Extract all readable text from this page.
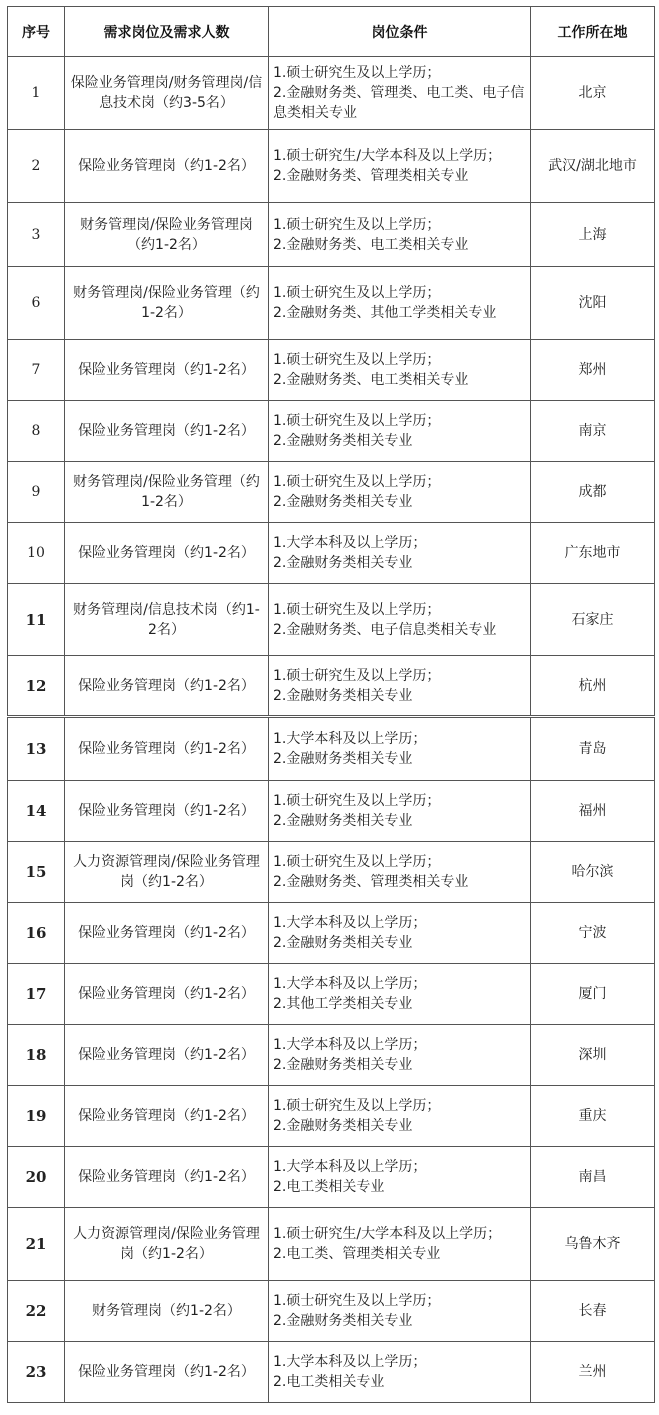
序号	需求岗位及需求人数	岗位条件	工作所在地
1	保险业务管理岗/财务管理岗/信息技术岗（约3-5名）	1.硕士研究生及以上学历；
2.金融财务类、管理类、电工类、电子信息类相关专业	北京
2	保险业务管理岗（约1-2名）	1.硕士研究生/大学本科及以上学历；
2.金融财务类、管理类相关专业	武汉/湖北地市
3	财务管理岗/保险业务管理岗（约1-2名）	1.硕士研究生及以上学历；
2.金融财务类、电工类相关专业	上海
6	财务管理岗/保险业务管理（约1-2名）	1.硕士研究生及以上学历；
2.金融财务类、其他工学类相关专业	沈阳
7	保险业务管理岗（约1-2名）	1.硕士研究生及以上学历；
2.金融财务类、电工类相关专业	郑州
8	保险业务管理岗（约1-2名）	1.硕士研究生及以上学历；
2.金融财务类相关专业	南京
9	财务管理岗/保险业务管理（约1-2名）	1.硕士研究生及以上学历；
2.金融财务类相关专业	成都
10	保险业务管理岗（约1-2名）	1.大学本科及以上学历；
2.金融财务类相关专业	广东地市
11	财务管理岗/信息技术岗（约1-2名）	1.硕士研究生及以上学历；
2.金融财务类、电子信息类相关专业	石家庄
12	保险业务管理岗（约1-2名）	1.硕士研究生及以上学历；
2.金融财务类相关专业	杭州
13	保险业务管理岗（约1-2名）	1.大学本科及以上学历；
2.金融财务类相关专业	青岛
14	保险业务管理岗（约1-2名）	1.硕士研究生及以上学历；
2.金融财务类相关专业	福州
15	人力资源管理岗/保险业务管理岗（约1-2名）	1.硕士研究生及以上学历；
2.金融财务类、管理类相关专业	哈尔滨
16	保险业务管理岗（约1-2名）	1.大学本科及以上学历；
2.金融财务类相关专业	宁波
17	保险业务管理岗（约1-2名）	1.大学本科及以上学历；
2.其他工学类相关专业	厦门
18	保险业务管理岗（约1-2名）	1.大学本科及以上学历；
2.金融财务类相关专业	深圳
19	保险业务管理岗（约1-2名）	1.硕士研究生及以上学历；
2.金融财务类相关专业	重庆
20	保险业务管理岗（约1-2名）	1.大学本科及以上学历；
2.电工类相关专业	南昌
21	人力资源管理岗/保险业务管理岗（约1-2名）	1.硕士研究生/大学本科及以上学历；
2.电工类、管理类相关专业	乌鲁木齐
22	财务管理岗（约1-2名）	1.硕士研究生及以上学历；
2.金融财务类相关专业	长春
23	保险业务管理岗（约1-2名）	1.大学本科及以上学历；
2.电工类相关专业	兰州
